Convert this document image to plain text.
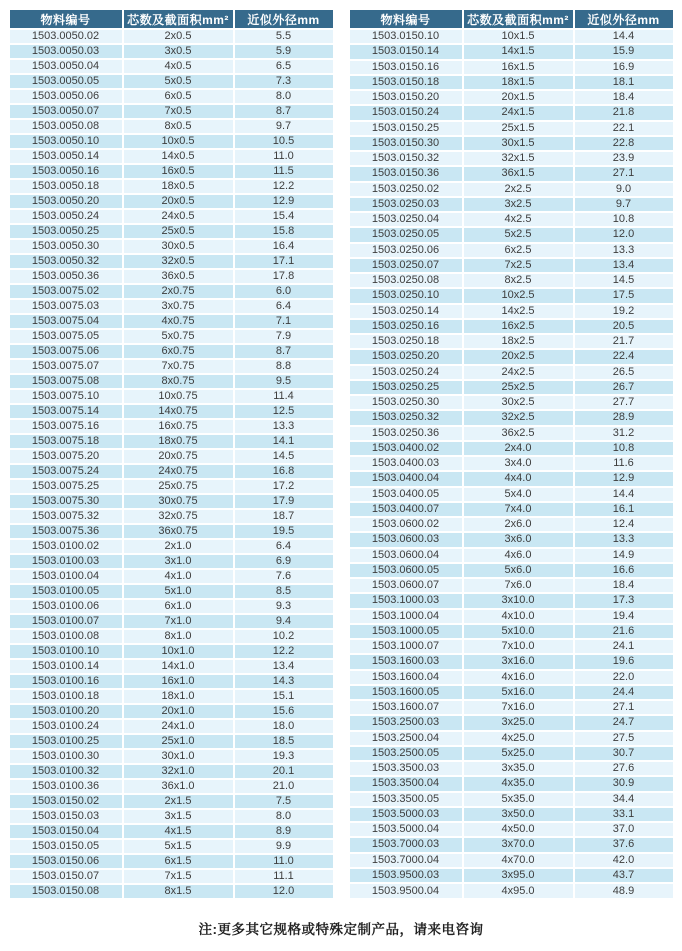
物料编号	芯数及截面积mm²	近似外径mm
1503.0050.02	2x0.5	5.5
1503.0050.03	3x0.5	5.9
1503.0050.04	4x0.5	6.5
1503.0050.05	5x0.5	7.3
1503.0050.06	6x0.5	8.0
1503.0050.07	7x0.5	8.7
1503.0050.08	8x0.5	9.7
1503.0050.10	10x0.5	10.5
1503.0050.14	14x0.5	11.0
1503.0050.16	16x0.5	11.5
1503.0050.18	18x0.5	12.2
1503.0050.20	20x0.5	12.9
1503.0050.24	24x0.5	15.4
1503.0050.25	25x0.5	15.8
1503.0050.30	30x0.5	16.4
1503.0050.32	32x0.5	17.1
1503.0050.36	36x0.5	17.8
1503.0075.02	2x0.75	6.0
1503.0075.03	3x0.75	6.4
1503.0075.04	4x0.75	7.1
1503.0075.05	5x0.75	7.9
1503.0075.06	6x0.75	8.7
1503.0075.07	7x0.75	8.8
1503.0075.08	8x0.75	9.5
1503.0075.10	10x0.75	11.4
1503.0075.14	14x0.75	12.5
1503.0075.16	16x0.75	13.3
1503.0075.18	18x0.75	14.1
1503.0075.20	20x0.75	14.5
1503.0075.24	24x0.75	16.8
1503.0075.25	25x0.75	17.2
1503.0075.30	30x0.75	17.9
1503.0075.32	32x0.75	18.7
1503.0075.36	36x0.75	19.5
1503.0100.02	2x1.0	6.4
1503.0100.03	3x1.0	6.9
1503.0100.04	4x1.0	7.6
1503.0100.05	5x1.0	8.5
1503.0100.06	6x1.0	9.3
1503.0100.07	7x1.0	9.4
1503.0100.08	8x1.0	10.2
1503.0100.10	10x1.0	12.2
1503.0100.14	14x1.0	13.4
1503.0100.16	16x1.0	14.3
1503.0100.18	18x1.0	15.1
1503.0100.20	20x1.0	15.6
1503.0100.24	24x1.0	18.0
1503.0100.25	25x1.0	18.5
1503.0100.30	30x1.0	19.3
1503.0100.32	32x1.0	20.1
1503.0100.36	36x1.0	21.0
1503.0150.02	2x1.5	7.5
1503.0150.03	3x1.5	8.0
1503.0150.04	4x1.5	8.9
1503.0150.05	5x1.5	9.9
1503.0150.06	6x1.5	11.0
1503.0150.07	7x1.5	11.1
1503.0150.08	8x1.5	12.0
物料编号	芯数及截面积mm²	近似外径mm
1503.0150.10	10x1.5	14.4
1503.0150.14	14x1.5	15.9
1503.0150.16	16x1.5	16.9
1503.0150.18	18x1.5	18.1
1503.0150.20	20x1.5	18.4
1503.0150.24	24x1.5	21.8
1503.0150.25	25x1.5	22.1
1503.0150.30	30x1.5	22.8
1503.0150.32	32x1.5	23.9
1503.0150.36	36x1.5	27.1
1503.0250.02	2x2.5	9.0
1503.0250.03	3x2.5	9.7
1503.0250.04	4x2.5	10.8
1503.0250.05	5x2.5	12.0
1503.0250.06	6x2.5	13.3
1503.0250.07	7x2.5	13.4
1503.0250.08	8x2.5	14.5
1503.0250.10	10x2.5	17.5
1503.0250.14	14x2.5	19.2
1503.0250.16	16x2.5	20.5
1503.0250.18	18x2.5	21.7
1503.0250.20	20x2.5	22.4
1503.0250.24	24x2.5	26.5
1503.0250.25	25x2.5	26.7
1503.0250.30	30x2.5	27.7
1503.0250.32	32x2.5	28.9
1503.0250.36	36x2.5	31.2
1503.0400.02	2x4.0	10.8
1503.0400.03	3x4.0	11.6
1503.0400.04	4x4.0	12.9
1503.0400.05	5x4.0	14.4
1503.0400.07	7x4.0	16.1
1503.0600.02	2x6.0	12.4
1503.0600.03	3x6.0	13.3
1503.0600.04	4x6.0	14.9
1503.0600.05	5x6.0	16.6
1503.0600.07	7x6.0	18.4
1503.1000.03	3x10.0	17.3
1503.1000.04	4x10.0	19.4
1503.1000.05	5x10.0	21.6
1503.1000.07	7x10.0	24.1
1503.1600.03	3x16.0	19.6
1503.1600.04	4x16.0	22.0
1503.1600.05	5x16.0	24.4
1503.1600.07	7x16.0	27.1
1503.2500.03	3x25.0	24.7
1503.2500.04	4x25.0	27.5
1503.2500.05	5x25.0	30.7
1503.3500.03	3x35.0	27.6
1503.3500.04	4x35.0	30.9
1503.3500.05	5x35.0	34.4
1503.5000.03	3x50.0	33.1
1503.5000.04	4x50.0	37.0
1503.7000.03	3x70.0	37.6
1503.7000.04	4x70.0	42.0
1503.9500.03	3x95.0	43.7
1503.9500.04	4x95.0	48.9
注:更多其它规格或特殊定制产品，请来电咨询
